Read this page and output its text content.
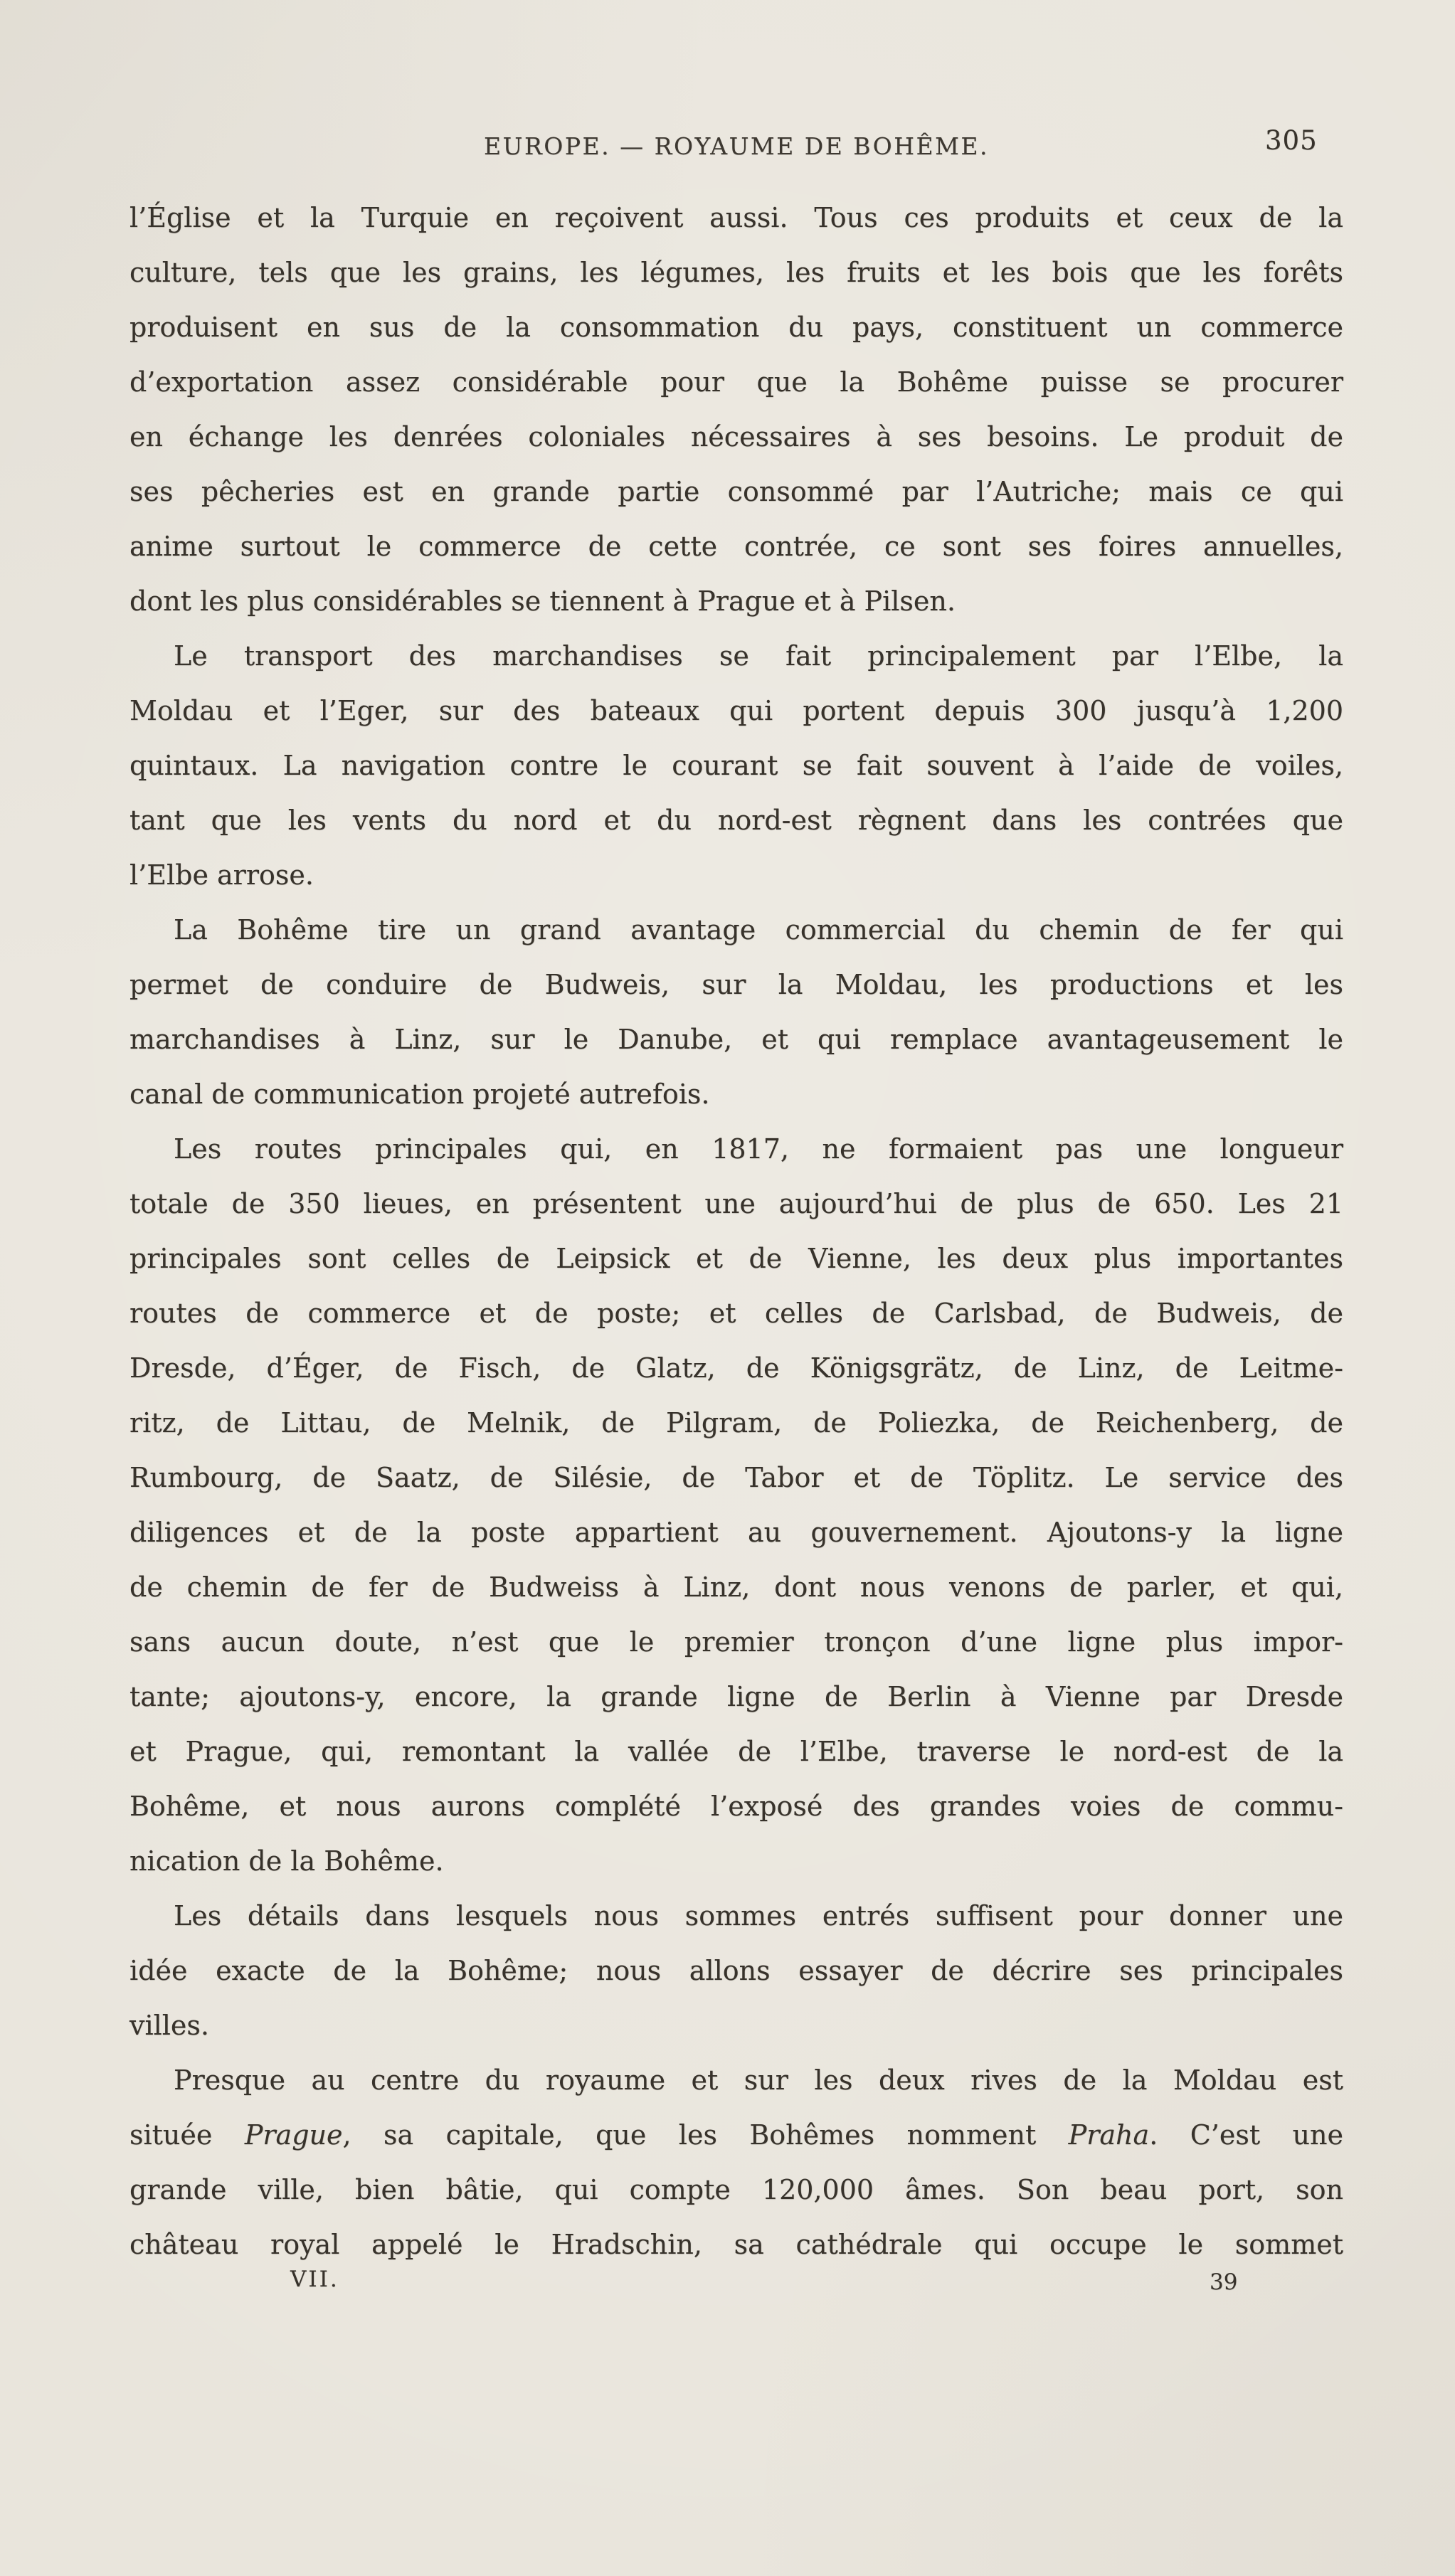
EUROPE. — ROYAUME DE BOHÊME.	305
l’Église et la Turquie en reçoivent aussi. Tous ces produits et ceux de la
culture, tels que les grains, les légumes, les fruits et les bois que les forêts
produisent en sus de la consommation du pays, constituent un commerce
d’exportation assez considérable pour que la Bohême puisse se procurer
en échange les denrées coloniales nécessaires à ses besoins. Le produit de
ses pêcheries est en grande partie consommé par l’Autriche; mais ce qui
anime surtout le commerce de cette contrée, ce sont ses foires annuelles,
dont les plus considérables se tiennent à Prague et à Pilsen.
Le transport des marchandises se fait principalement par l’Elbe, la
Moldau et l’Eger, sur des bateaux qui portent depuis 300 jusqu’à 1,200
quintaux. La navigation contre le courant se fait souvent à l’aide de voiles,
tant que les vents du nord et du nord-est règnent dans les contrées que
l’Elbe arrose.
La Bohême tire un grand avantage commercial du chemin de fer qui
permet de conduire de Budweis, sur la Moldau, les productions et les
marchandises à Linz, sur le Danube, et qui remplace avantageusement le
canal de communication projeté autrefois.
Les routes principales qui, en 1817, ne formaient pas une longueur
totale de 350 lieues, en présentent une aujourd’hui de plus de 650. Les 21
principales sont celles de Leipsick et de Vienne, les deux plus importantes
routes de commerce et de poste; et celles de Carlsbad, de Budweis, de
Dresde, d’Éger, de Fisch, de Glatz, de Königsgrätz, de Linz, de Leitme-
ritz, de Littau, de Melnik, de Pilgram, de Poliezka, de Reichenberg, de
Rumbourg, de Saatz, de Silésie, de Tabor et de Töplitz. Le service des
diligences et de la poste appartient au gouvernement. Ajoutons-y la ligne
de chemin de fer de Budweiss à Linz, dont nous venons de parler, et qui,
sans aucun doute, n’est que le premier tronçon d’une ligne plus impor-
tante; ajoutons-y, encore, la grande ligne de Berlin à Vienne par Dresde
et Prague, qui, remontant la vallée de l’Elbe, traverse le nord-est de la
Bohême, et nous aurons complété l’exposé des grandes voies de commu-
nication de la Bohême.
Les détails dans lesquels nous sommes entrés suffisent pour donner une
idée exacte de la Bohême; nous allons essayer de décrire ses principales
villes.
Presque au centre du royaume et sur les deux rives de la Moldau est
située Prague, sa capitale, que les Bohêmes nomment Praha. C’est une
grande ville, bien bâtie, qui compte 120,000 âmes. Son beau port, son
château royal appelé le Hradschin, sa cathédrale qui occupe le sommet
VII.	39
